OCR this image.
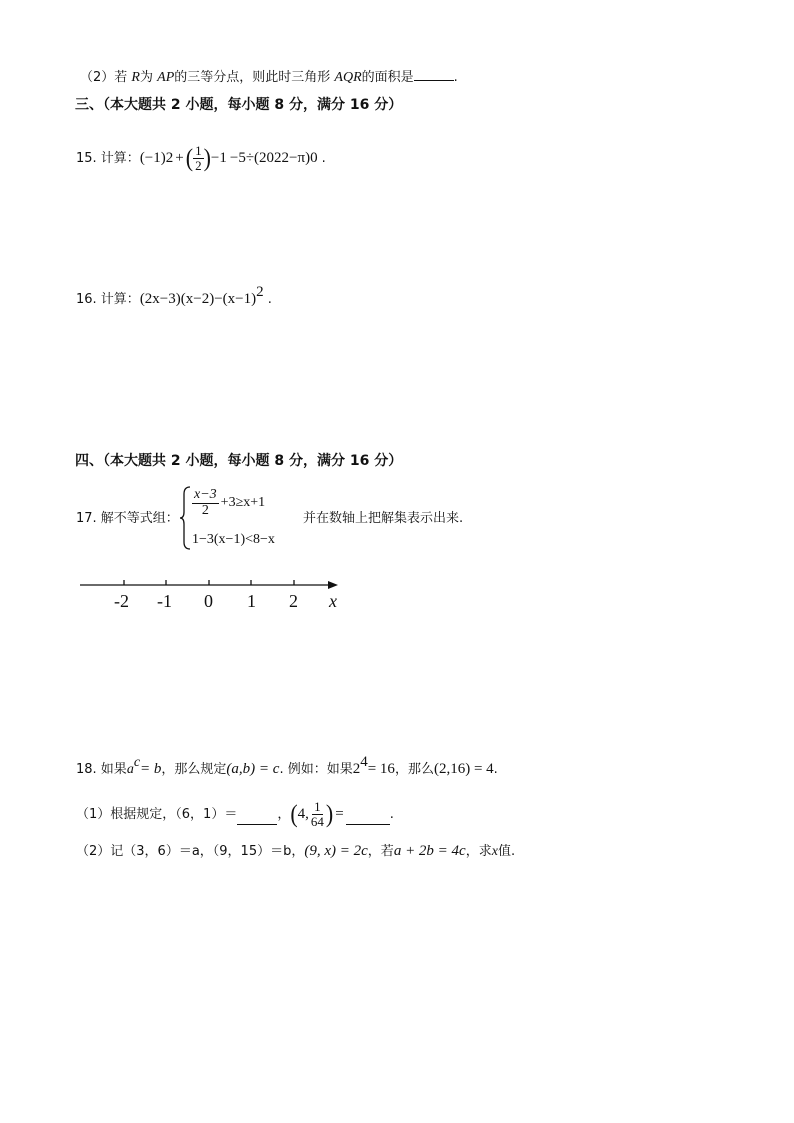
（2）若 R为 AP的三等分点，则此时三角形 AQR的面积是	.
三、（本大题共 2 小题，每小题 8 分，满分 16 分）
15. 计算： (−1) 2 + ( $\frac{1}{2}$ ) −1 −5÷(2022−π) 0 .
16. 计算：$(2x-3)(x-2)-(x-1)^2$ .
四、（本大题共 2 小题，每小题 8 分，满分 16 分）
17. 解不等式组：
$\frac{x-3}{2} +3\ge x+1$
1−3(x−1)<8−x
并在数轴上把解集表示出来.
-2 -1 0 1 2 x
18. 如果$a^c= b$，那么规定(a,b) = c. 例如：如果$2^4= 16$，那么(2,16) = 4.
（1）根据规定，（6，1）＝	， ( 4, $\frac{1}{64}$ ) =	.
（2）记（3，6）＝a，（9，15）＝b，(9, x) = 2c，若a + 2b = 4c，求x值.
